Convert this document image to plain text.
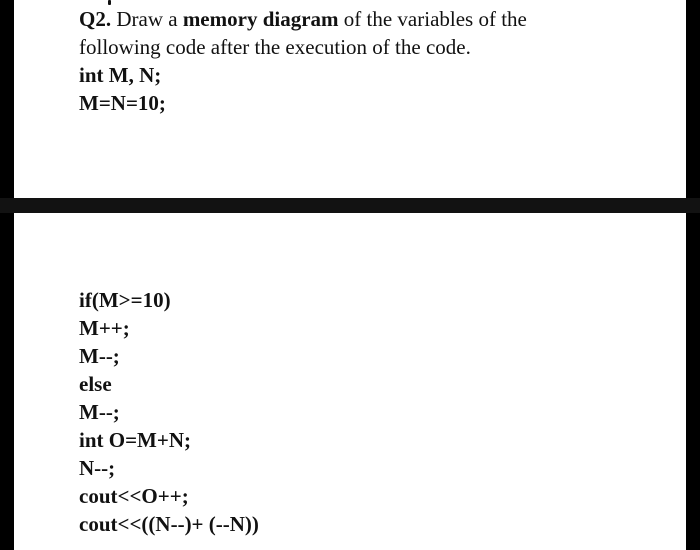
Q2. Draw a memory diagram of the variables of the
following code after the execution of the code.
int M, N;
M=N=10;
if(M>=10)
M++;
M--;
else
M--;
int O=M+N;
N--;
cout<<O++;
cout<<((N--)+ (--N))
